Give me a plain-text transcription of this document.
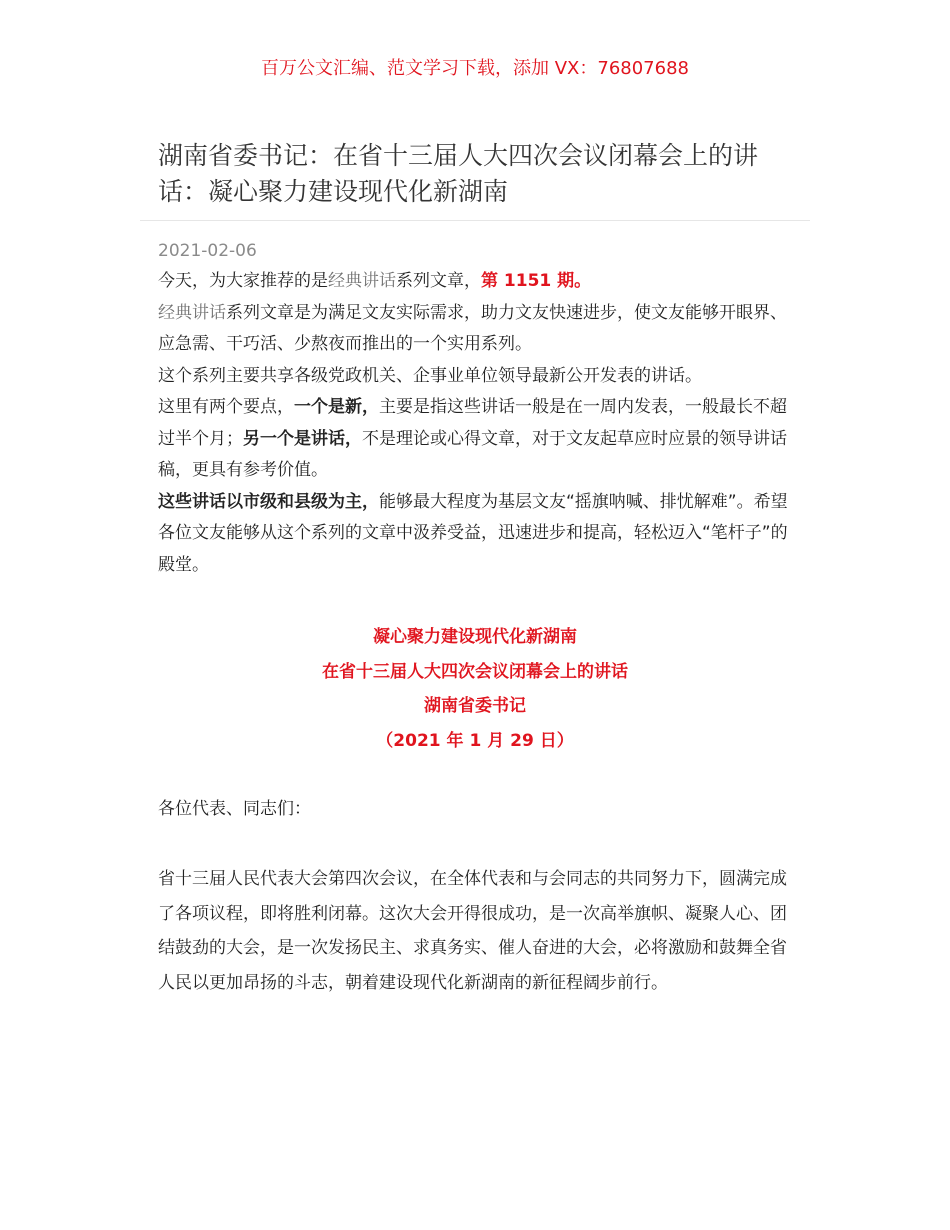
百万公文汇编、范文学习下载，添加 VX：76807688
湖南省委书记：在省十三届人大四次会议闭幕会上的讲话：凝心聚力建设现代化新湖南
2021-02-06

今天，为大家推荐的是经典讲话系列文章，第 1151 期。

经典讲话系列文章是为满足文友实际需求，助力文友快速进步，使文友能够开眼界、应急需、干巧活、少熬夜而推出的一个实用系列。

这个系列主要共享各级党政机关、企事业单位领导最新公开发表的讲话。

这里有两个要点，一个是新，主要是指这些讲话一般是在一周内发表，一般最长不超过半个月；另一个是讲话，不是理论或心得文章，对于文友起草应时应景的领导讲话稿，更具有参考价值。

这些讲话以市级和县级为主，能够最大程度为基层文友“摇旗呐喊、排忧解难”。希望各位文友能够从这个系列的文章中汲养受益，迅速进步和提高，轻松迈入“笔杆子”的殿堂。

凝心聚力建设现代化新湖南

在省十三届人大四次会议闭幕会上的讲话

湖南省委书记

（2021 年 1 月 29 日）

各位代表、同志们：

省十三届人民代表大会第四次会议，在全体代表和与会同志的共同努力下，圆满完成了各项议程，即将胜利闭幕。这次大会开得很成功，是一次高举旗帜、凝聚人心、团结鼓劲的大会，是一次发扬民主、求真务实、催人奋进的大会，必将激励和鼓舞全省人民以更加昂扬的斗志，朝着建设现代化新湖南的新征程阔步前行。
